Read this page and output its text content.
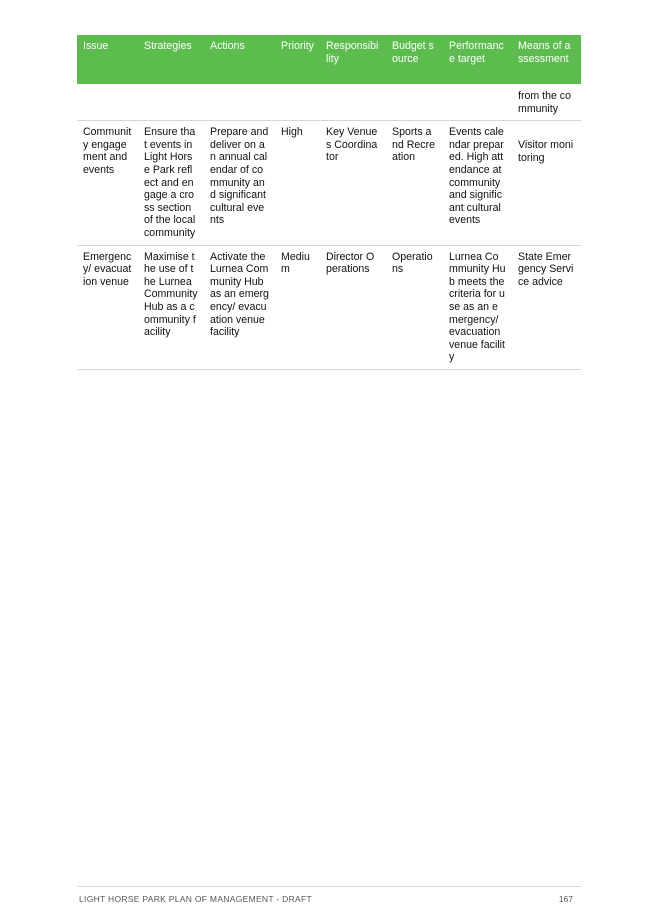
Issue	Strategies	Actions	Priority	Responsibility	Budget source	Performance target	Means of assessment
							from the community
Community engagement and events	Ensure that events in Light Horse Park reflect and engage a cross section of the local community	Prepare and deliver on an annual calendar of community and significant cultural events	High	Key Venues Coordinator	Sports and Recreation	Events calendar prepared. High attendance at community and significant cultural events	Visitor monitoring
Emergency/ evacuation venue	Maximise the use of the Lurnea Community Hub as a community facility	Activate the Lurnea Community Hub as an emergency/ evacuation venue facility	Medium	Director Operations	Operations	Lurnea Community Hub meets the criteria for use as an emergency/ evacuation venue facility	State Emergency Service advice
LIGHT HORSE PARK PLAN OF MANAGEMENT - DRAFT	167
